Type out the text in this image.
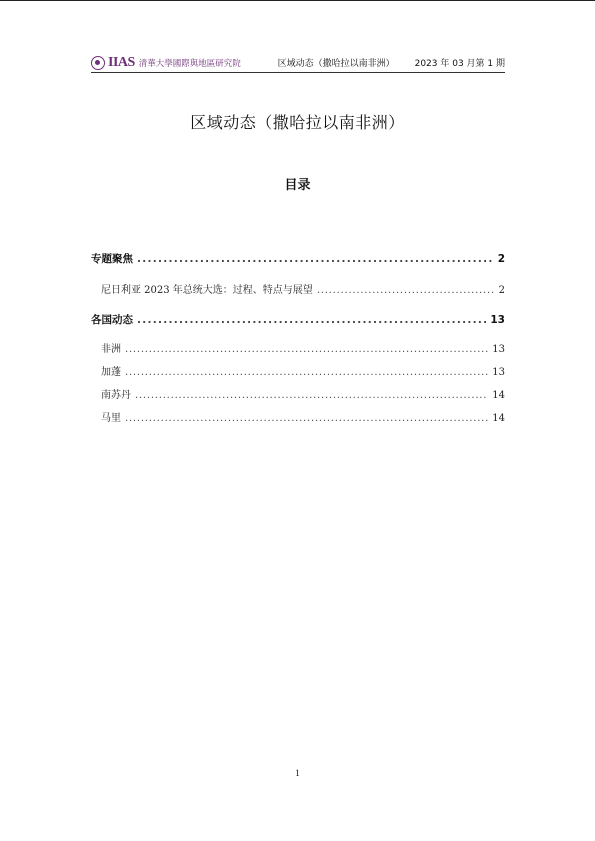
IIAS 清華大學國際與地區研究院	区域动态（撒哈拉以南非洲） 2023 年 03 月第 1 期
区域动态（撒哈拉以南非洲）
目录
专题聚焦 . . .	2
尼日利亚 2023 年总统大选：过程、特点与展望 . . .	2
各国动态 . . .	13
非洲 . . .	13
加蓬 . . .	13
南苏丹 . . .	14
马里 . . .	14
1
